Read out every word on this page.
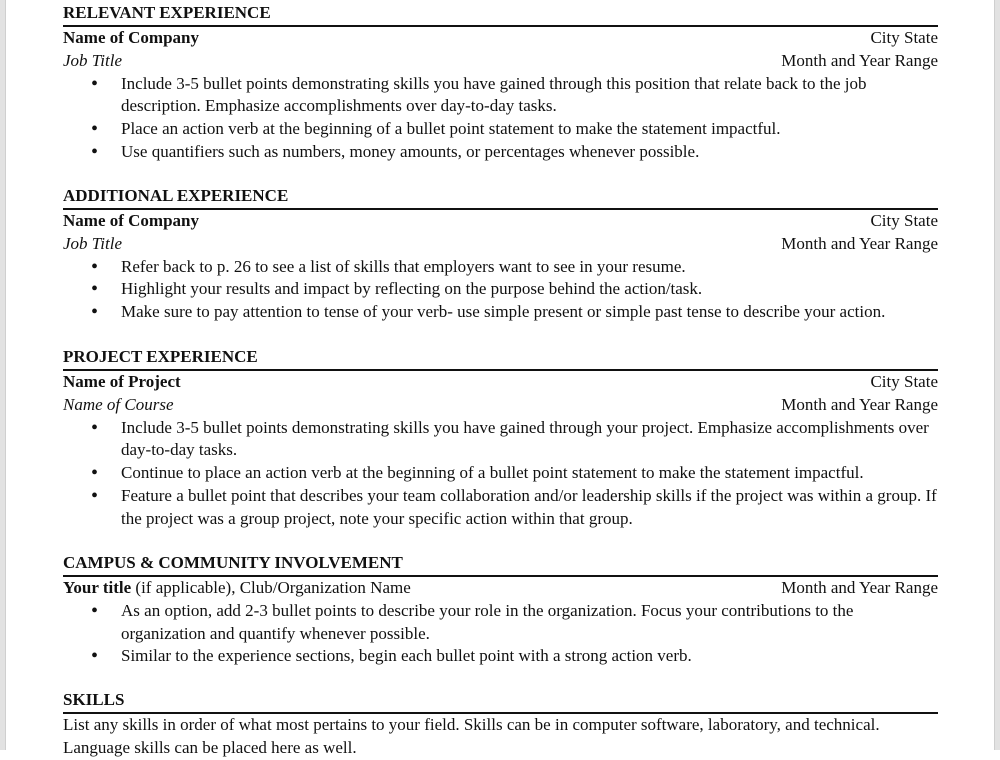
RELEVANT EXPERIENCE
Name of Company	City State
Job Title	Month and Year Range
• Include 3-5 bullet points demonstrating skills you have gained through this position that relate back to the job description. Emphasize accomplishments over day-to-day tasks.
• Place an action verb at the beginning of a bullet point statement to make the statement impactful.
• Use quantifiers such as numbers, money amounts, or percentages whenever possible.
ADDITIONAL EXPERIENCE
Name of Company	City State
Job Title	Month and Year Range
• Refer back to p. 26 to see a list of skills that employers want to see in your resume.
• Highlight your results and impact by reflecting on the purpose behind the action/task.
• Make sure to pay attention to tense of your verb- use simple present or simple past tense to describe your action.
PROJECT EXPERIENCE
Name of Project	City State
Name of Course	Month and Year Range
• Include 3-5 bullet points demonstrating skills you have gained through your project. Emphasize accomplishments over day-to-day tasks.
• Continue to place an action verb at the beginning of a bullet point statement to make the statement impactful.
• Feature a bullet point that describes your team collaboration and/or leadership skills if the project was within a group. If the project was a group project, note your specific action within that group.
CAMPUS & COMMUNITY INVOLVEMENT
Your title (if applicable), Club/Organization Name	Month and Year Range
• As an option, add 2-3 bullet points to describe your role in the organization. Focus your contributions to the organization and quantify whenever possible.
• Similar to the experience sections, begin each bullet point with a strong action verb.
SKILLS

List any skills in order of what most pertains to your field. Skills can be in computer software, laboratory, and technical. Language skills can be placed here as well.
